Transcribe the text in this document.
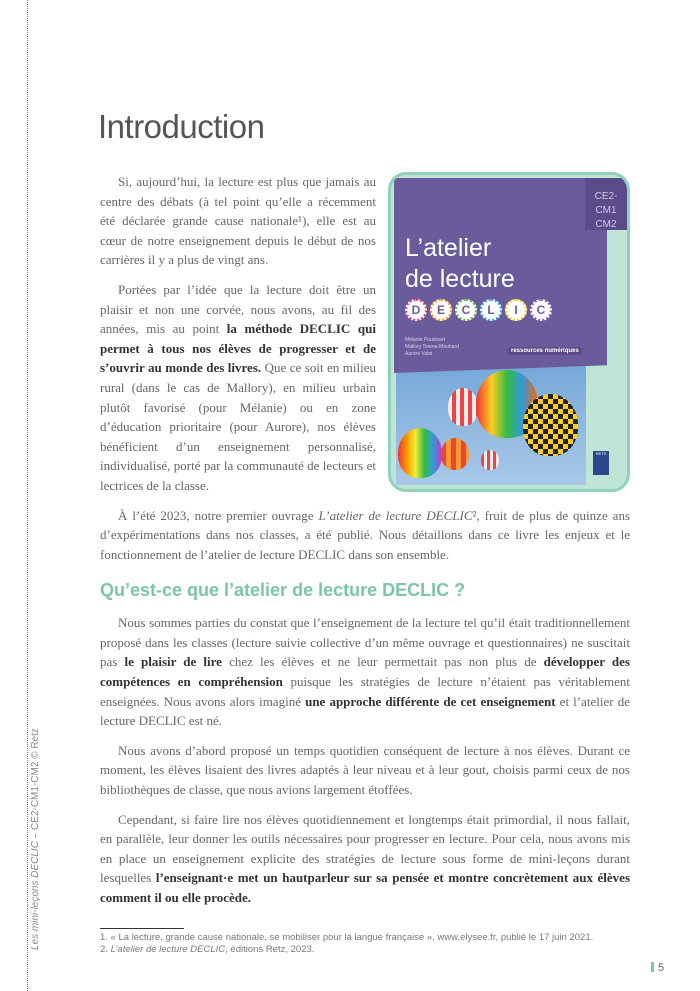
Les mini-leçons DECLIC – CE2-CM1-CM2 © Retz
Introduction
CE2-CM1
CM2
L’atelier
de lecture
D	E	C	L	I	C
Mélanie Poudoset
Mallory Tinena-Mouhard
Aurore Valat	ressources numériques
RETZ

Si, aujourd’hui, la lecture est plus que jamais au centre des débats (à tel point qu’elle a récemment été déclarée grande cause nationale¹), elle est au cœur de notre enseignement depuis le début de nos carrières il y a plus de vingt ans.

Portées par l’idée que la lecture doit être un plaisir et non une corvée, nous avons, au fil des années, mis au point la méthode DECLIC qui permet à tous nos élèves de progresser et de s’ouvrir au monde des livres. Que ce soit en milieu rural (dans le cas de Mallory), en milieu urbain plutôt favorisé (pour Mélanie) ou en zone d’éducation prioritaire (pour Aurore), nos élèves bénéficient d’un enseignement personnalisé, individualisé, porté par la communauté de lecteurs et lectrices de la classe.

À l’été 2023, notre premier ouvrage L’atelier de lecture DECLIC², fruit de plus de quinze ans d’expérimentations dans nos classes, a été publié. Nous détaillons dans ce livre les enjeux et le fonctionnement de l’atelier de lecture DECLIC dans son ensemble.

Qu’est-ce que l’atelier de lecture DECLIC ?

Nous sommes parties du constat que l’enseignement de la lecture tel qu’il était traditionnellement proposé dans les classes (lecture suivie collective d’un même ouvrage et questionnaires) ne suscitait pas le plaisir de lire chez les élèves et ne leur permettait pas non plus de développer des compétences en compréhension puisque les stratégies de lecture n’étaient pas véritablement enseignées. Nous avons alors imaginé une approche différente de cet enseignement et l’atelier de lecture DECLIC est né.

Nous avons d’abord proposé un temps quotidien conséquent de lecture à nos élèves. Durant ce moment, les élèves lisaient des livres adaptés à leur niveau et à leur gout, choisis parmi ceux de nos bibliothèques de classe, que nous avions largement étoffées.

Cependant, si faire lire nos élèves quotidiennement et longtemps était primordial, il nous fallait, en parallèle, leur donner les outils nécessaires pour progresser en lecture. Pour cela, nous avons mis en place un enseignement explicite des stratégies de lecture sous forme de mini-leçons durant lesquelles l’enseignant·e met un hautparleur sur sa pensée et montre concrètement aux élèves comment il ou elle procède.

1. « La lecture, grande cause nationale, se mobiliser pour la langue française », www.elysee.fr, publié le 17 juin 2021.
2. L’atelier de lecture DECLIC, éditions Retz, 2023.
5
